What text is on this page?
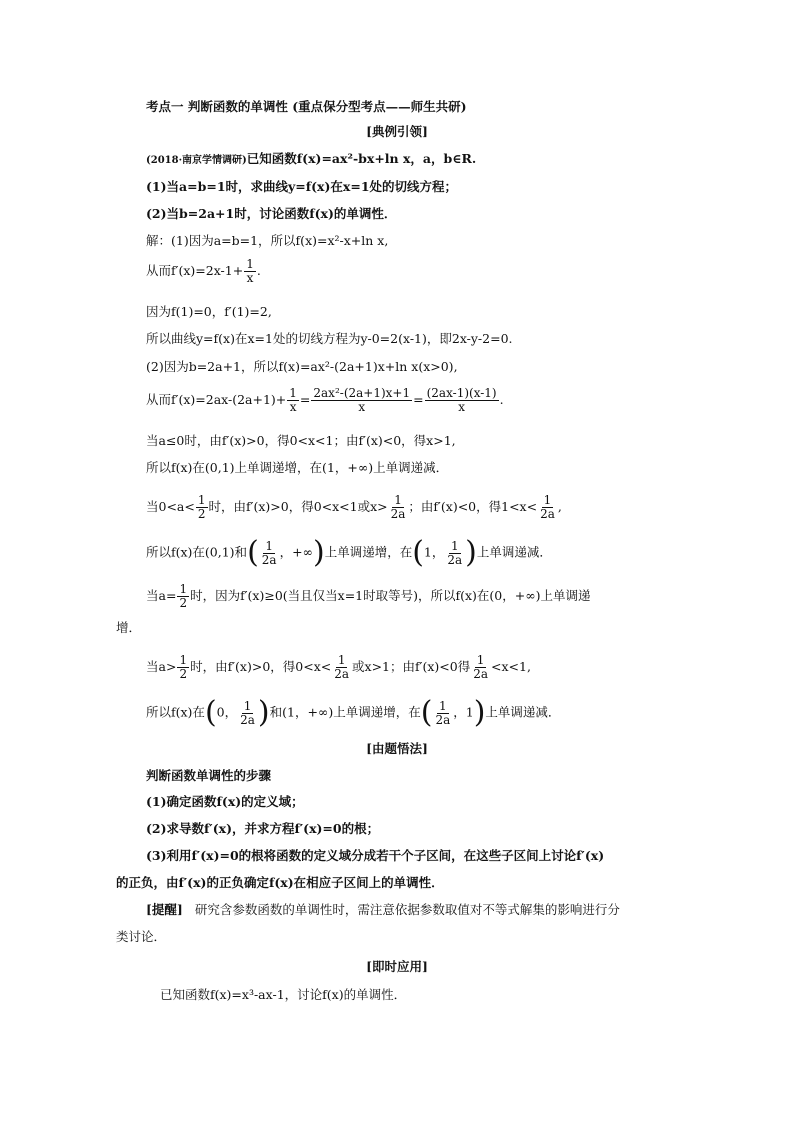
考点一 判断函数的单调性 (重点保分型考点——师生共研)
[典例引领]
(2018·南京学情调研)已知函数f(x)=ax²-bx+ln x，a，b∈R.
(1)当a=b=1时，求曲线y=f(x)在x=1处的切线方程；
(2)当b=2a+1时，讨论函数f(x)的单调性．
解：(1)因为a=b=1，所以f(x)=x²-x+ln x,
从而$f'(x)=2x-1+ \frac{1}{x}$ .
因为f(1)=0，f′(1)=2,
所以曲线y=f(x)在x=1处的切线方程为y-0=2(x-1)，即2x-y-2=0.
(2)因为b=2a+1，所以f(x)=ax²-(2a+1)x+ln x(x>0),
从而$f'(x)=2ax-(2a+1)+ \frac{1}{x} = \frac{\text{2ax²-(2a+1)x+1}}{x} = \frac{(2ax-1)(x-1)}{x}$ .
当a≤0时，由f′(x)>0，得0<x<1；由f′(x)<0，得x>1,
所以f(x)在(0,1)上单调递增，在(1，+∞)上单调递减．
当$0<a< \frac{1}{2}$ 时，由f′(x)>0，得0<x<1或$x> \frac{1}{2a}$ ；由f′(x)<0，得$1<x< \frac{1}{2a}$ ,
所以f(x)在(0,1)和( $\frac{1}{2a}$ ，+∞)上单调递增，在(1， $\frac{1}{2a}$ )上单调递减．
当$a= \frac{1}{2}$ 时，因为f′(x)≥0(当且仅当x=1时取等号)，所以f(x)在(0，+∞)上单调递
增．
当$a> \frac{1}{2}$ 时，由f′(x)>0，得$0<x< \frac{1}{2a}$ 或x>1；由f′(x)<0得 $\frac{1}{2a} <x<1$,
所以f(x)在(0， $\frac{1}{2a}$ )和(1，+∞)上单调递增，在( $\frac{1}{2a}$ ，1)上单调递减．
[由题悟法]
判断函数单调性的步骤
(1)确定函数f(x)的定义域；
(2)求导数f′(x)，并求方程f′(x)=0的根；
(3)利用f′(x)=0的根将函数的定义域分成若干个子区间，在这些子区间上讨论f′(x)
的正负，由f′(x)的正负确定f(x)在相应子区间上的单调性．
[提醒] 研究含参数函数的单调性时，需注意依据参数取值对不等式解集的影响进行分
类讨论．
[即时应用]
已知函数f(x)=x³-ax-1，讨论f(x)的单调性．
